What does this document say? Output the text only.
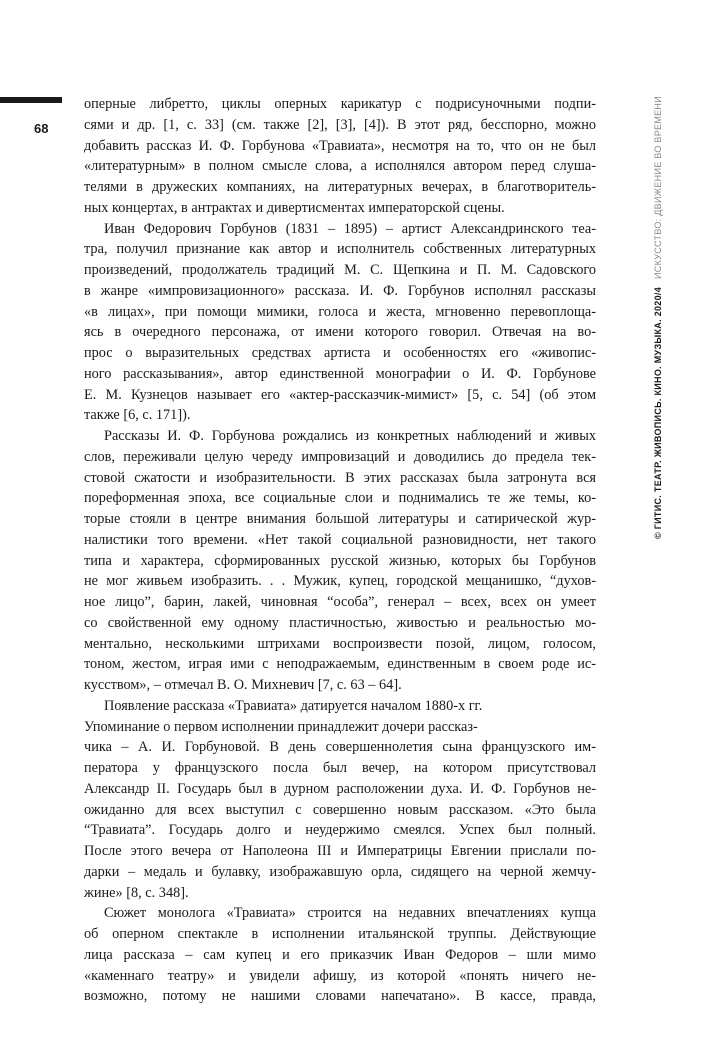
68
оперные либретто, циклы оперных карикатур с подрисуночными подпи-
сями и др. [1, с. 33] (см. также [2], [3], [4]). В этот ряд, бесспорно, можно
добавить рассказ И. Ф. Горбунова «Травиата», несмотря на то, что он не был
«литературным» в полном смысле слова, а исполнялся автором перед слуша-
телями в дружеских компаниях, на литературных вечерах, в благотворитель-
ных концертах, в антрактах и дивертисментах императорской сцены.
Иван Федорович Горбунов (1831 – 1895) – артист Александринского теа-
тра, получил признание как автор и исполнитель собственных литературных
произведений, продолжатель традиций М. С. Щепкина и П. М. Садовского
в жанре «импровизационного» рассказа. И. Ф. Горбунов исполнял рассказы
«в лицах», при помощи мимики, голоса и жеста, мгновенно перевоплоща-
ясь в очередного персонажа, от имени которого говорил. Отвечая на во-
прос о выразительных средствах артиста и особенностях его «живопис-
ного рассказывания», автор единственной монографии о И. Ф. Горбунове
Е. М. Кузнецов называет его «актер-рассказчик-мимист» [5, с. 54] (об этом
также [6, с. 171]).
Рассказы И. Ф. Горбунова рождались из конкретных наблюдений и живых
слов, переживали целую череду импровизаций и доводились до предела тек-
стовой сжатости и изобразительности. В этих рассказах была затронута вся
пореформенная эпоха, все социальные слои и поднимались те же темы, ко-
торые стояли в центре внимания большой литературы и сатирической жур-
налистики того времени. «Нет такой социальной разновидности, нет такого
типа и характера, сформированных русской жизнью, которых бы Горбунов
не мог живьем изобразить. . . Мужик, купец, городской мещанишко, “духов-
ное лицо”, барин, лакей, чиновная “особа”, генерал – всех, всех он умеет
со свойственной ему одному пластичностью, живостью и реальностью мо-
ментально, несколькими штрихами воспроизвести позой, лицом, голосом,
тоном, жестом, играя ими с неподражаемым, единственным в своем роде ис-
кусством», – отмечал В. О. Михневич [7, с. 63 – 64].
Появление рассказа «Травиата» датируется началом 1880-х гг.
Упоминание о первом исполнении принадлежит дочери рассказ-
чика – А. И. Горбуновой. В день совершеннолетия сына французского им-
ператора у французского посла был вечер, на котором присутствовал
Александр II. Государь был в дурном расположении духа. И. Ф. Горбунов не-
ожиданно для всех выступил с совершенно новым рассказом. «Это была
“Травиата”. Государь долго и неудержимо смеялся. Успех был полный.
После этого вечера от Наполеона III и Императрицы Евгении прислали по-
дарки – медаль и булавку, изображавшую орла, сидящего на черной жемчу-
жине» [8, с. 348].
Сюжет монолога «Травиата» строится на недавних впечатлениях купца
об оперном спектакле в исполнении итальянской труппы. Действующие
лица рассказа – сам купец и его приказчик Иван Федоров – шли мимо
«каменнаго театру» и увидели афишу, из которой «понять ничего не-
возможно, потому не нашими словами напечатано». В кассе, правда,
© ГИТИС. ТЕАТР. ЖИВОПИСЬ. КИНО. МУЗЫКА. 2020/4
ИСКУССТВО: ДВИЖЕНИЕ ВО ВРЕМЕНИ
